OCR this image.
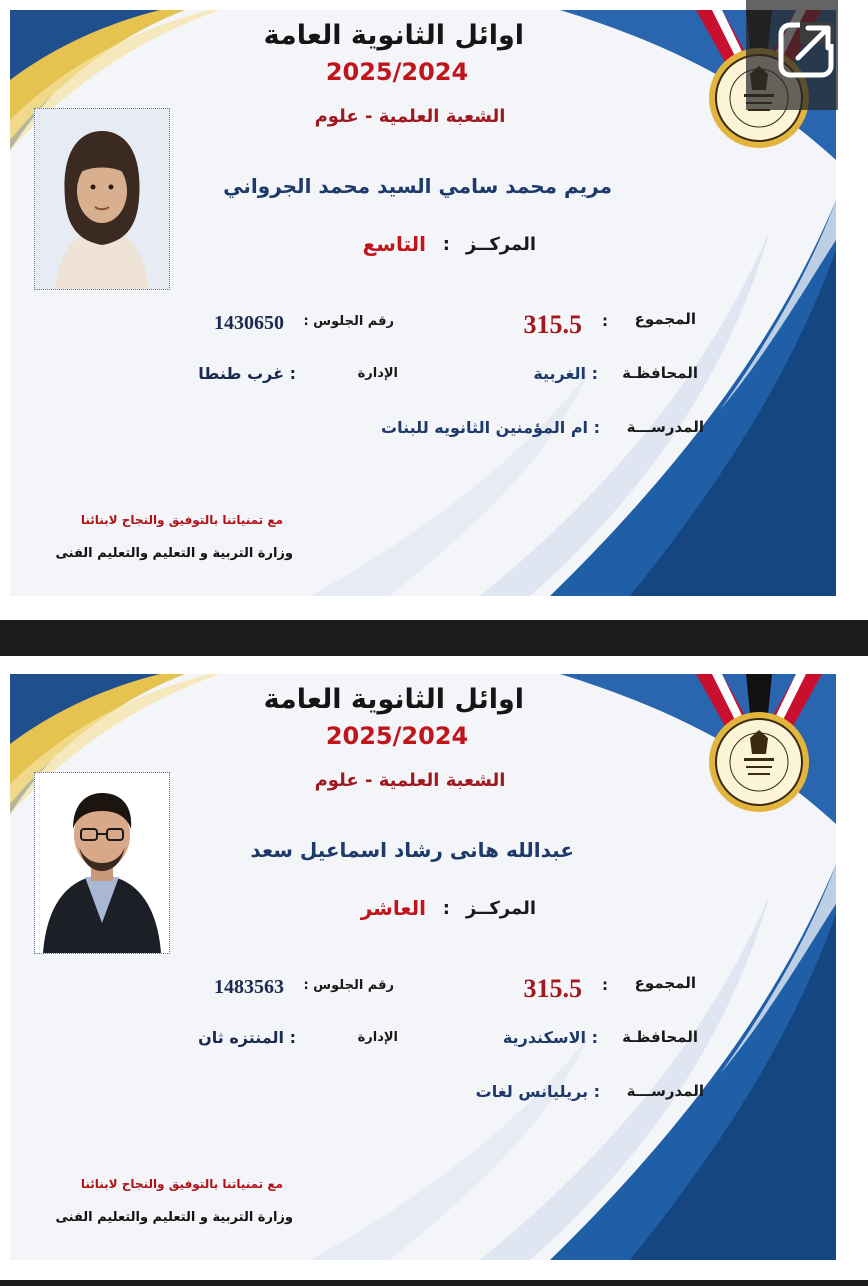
اوائل الثانوية العامة
2025/2024
الشعبة العلمية - علوم
مريم محمد سامي السيد محمد الجرواني
المركــز
:
التاسع
المجموع
:
315.5
رقم الجلوس :
1430650
المحافظـة
: الغربية
الإدارة
: غرب طنطا
المدرســـة
: ام المؤمنين الثانويه للبنات
مع تمنياتنا بالتوفيق والنجاح لابنائنا
وزارة التربية و التعليم والتعليم الفنى
اوائل الثانوية العامة
2025/2024
الشعبة العلمية - علوم
عبدالله هانى رشاد اسماعيل سعد
المركــز
:
العاشر
المجموع
:
315.5
رقم الجلوس :
1483563
المحافظـة
: الاسكندرية
الإدارة
: المنتزه ثان
المدرســـة
: بريليانس لغات
مع تمنياتنا بالتوفيق والنجاح لابنائنا
وزارة التربية و التعليم والتعليم الفنى
